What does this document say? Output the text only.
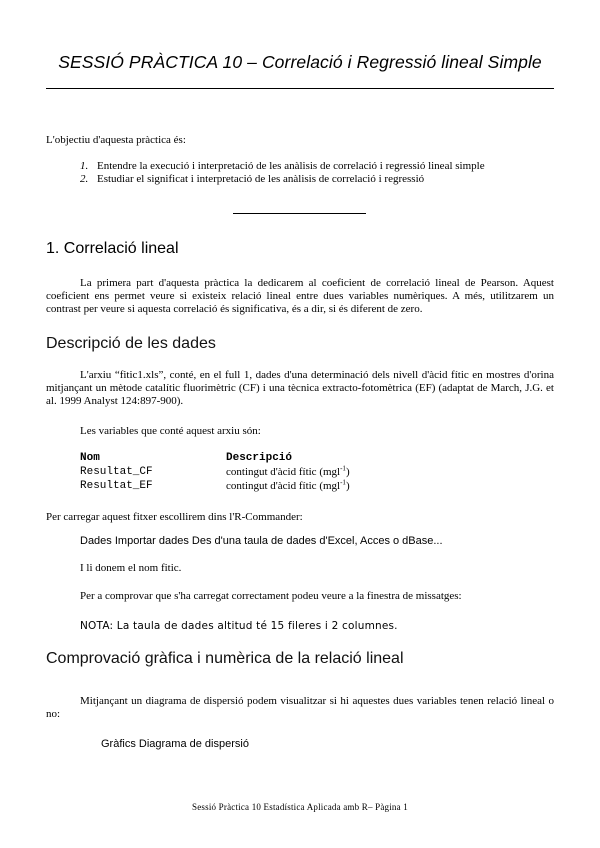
SESSIÓ PRÀCTICA 10 – Correlació i Regressió lineal Simple
L'objectiu d'aquesta pràctica és:
1. Entendre la execució i interpretació de les anàlisis de correlació i regressió lineal simple
2. Estudiar el significat i interpretació de les anàlisis de correlació i regressió
1. Correlació lineal
La primera part d'aquesta pràctica la dedicarem al coeficient de correlació lineal de Pearson. Aquest coeficient ens permet veure si existeix relació lineal entre dues variables numèriques. A més, utilitzarem un contrast per veure si aquesta correlació és significativa, és a dir, si és diferent de zero.
Descripció de les dades
L'arxiu “fitic1.xls”, conté, en el full 1, dades d'una determinació dels nivell d'àcid fític en mostres d'orina mitjançant un mètode catalític fluorimètric (CF) i una tècnica extracto-fotomètrica (EF) (adaptat de March, J.G. et al. 1999 Analyst 124:897-900).
Les variables que conté aquest arxiu són:
Nom	Descripció
Resultat_CF	contingut d'àcid fític (mgl$^{-1}$)
Resultat_EF	contingut d'àcid fític (mgl$^{-1}$)
Per carregar aquest fitxer escollirem dins l'R-Commander:
Dades Importar dades Des d'una taula de dades d'Excel, Acces o dBase...
I li donem el nom fitic.
Per a comprovar que s'ha carregat correctament podeu veure a la finestra de missatges:
NOTA: La taula de dades altitud té 15 fileres i 2 columnes.
Comprovació gràfica i numèrica de la relació lineal
Mitjançant un diagrama de dispersió podem visualitzar si hi aquestes dues variables tenen relació lineal o no:
Gràfics Diagrama de dispersió
Sessió Pràctica 10 Estadística Aplicada amb R– Pàgina 1
